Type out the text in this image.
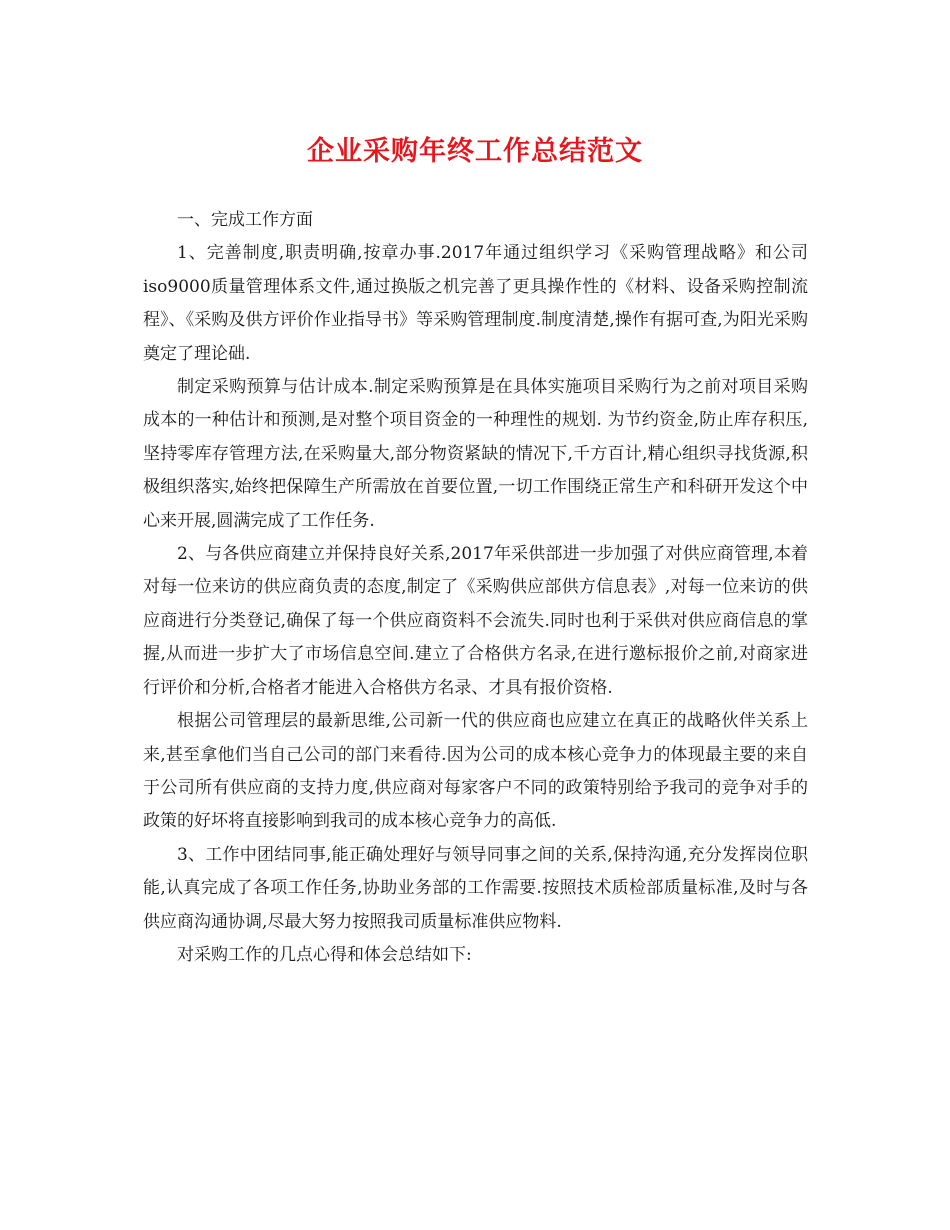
企业采购年终工作总结范文

一、完成工作方面

1、完善制度,职责明确,按章办事.2017年通过组织学习《采购管理战略》和公司iso9000质量管理体系文件,通过换版之机完善了更具操作性的《材料、设备采购控制流程》、《采购及供方评价作业指导书》等采购管理制度.制度清楚,操作有据可查,为阳光采购奠定了理论础.

制定采购预算与估计成本.制定采购预算是在具体实施项目采购行为之前对项目采购成本的一种估计和预测,是对整个项目资金的一种理性的规划. 为节约资金,防止库存积压,坚持零库存管理方法,在采购量大,部分物资紧缺的情况下,千方百计,精心组织寻找货源,积极组织落实,始终把保障生产所需放在首要位置,一切工作围绕正常生产和科研开发这个中心来开展,圆满完成了工作任务.

2、与各供应商建立并保持良好关系,2017年采供部进一步加强了对供应商管理,本着对每一位来访的供应商负责的态度,制定了《采购供应部供方信息表》,对每一位来访的供应商进行分类登记,确保了每一个供应商资料不会流失.同时也利于采供对供应商信息的掌握,从而进一步扩大了市场信息空间.建立了合格供方名录,在进行邀标报价之前,对商家进行评价和分析,合格者才能进入合格供方名录、才具有报价资格.

根据公司管理层的最新思维,公司新一代的供应商也应建立在真正的战略伙伴关系上来,甚至拿他们当自己公司的部门来看待.因为公司的成本核心竞争力的体现最主要的来自于公司所有供应商的支持力度,供应商对每家客户不同的政策特别给予我司的竞争对手的政策的好坏将直接影响到我司的成本核心竞争力的高低.

3、工作中团结同事,能正确处理好与领导同事之间的关系,保持沟通,充分发挥岗位职能,认真完成了各项工作任务,协助业务部的工作需要.按照技术质检部质量标准,及时与各供应商沟通协调,尽最大努力按照我司质量标准供应物料.

对采购工作的几点心得和体会总结如下:
